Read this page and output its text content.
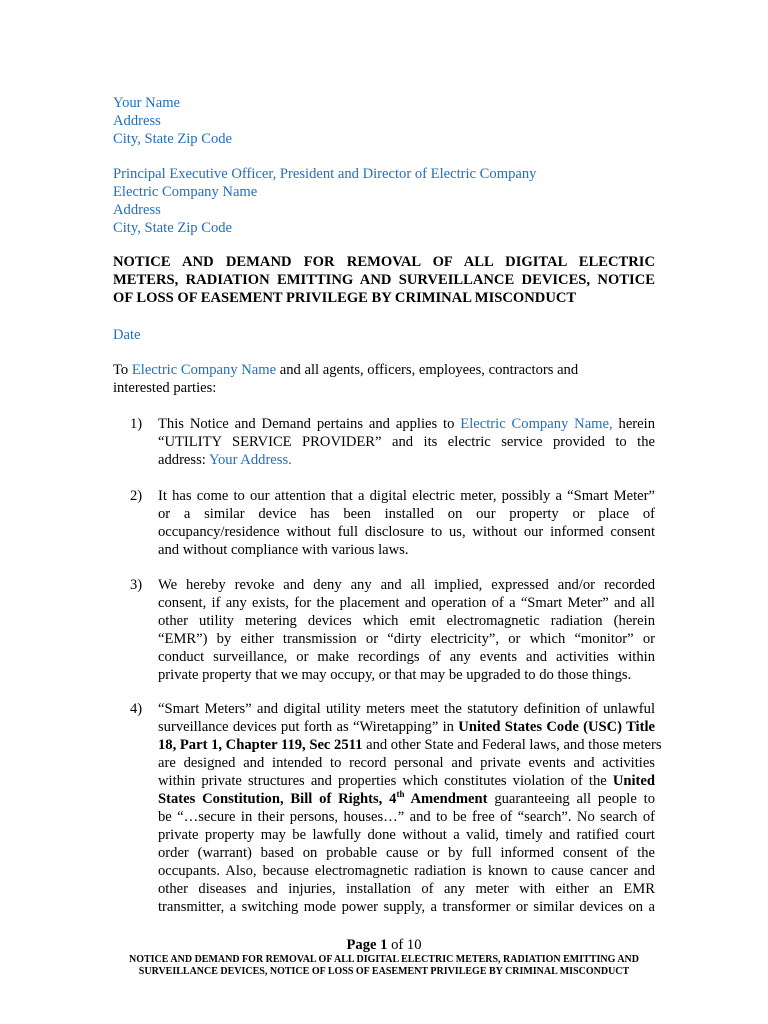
Your Name
Address
City, State Zip Code
Principal Executive Officer, President and Director of Electric Company
Electric Company Name
Address
City, State Zip Code
NOTICE AND DEMAND FOR REMOVAL OF ALL DIGITAL ELECTRIC
METERS, RADIATION EMITTING AND SURVEILLANCE DEVICES, NOTICE
OF LOSS OF EASEMENT PRIVILEGE BY CRIMINAL MISCONDUCT
Date
To Electric Company Name and all agents, officers, employees, contractors and
interested parties:
1)	This Notice and Demand pertains and applies to Electric Company Name, herein
“UTILITY SERVICE PROVIDER” and its electric service provided to the
address: Your Address.
2)	It has come to our attention that a digital electric meter, possibly a “Smart Meter”
or a similar device has been installed on our property or place of
occupancy/residence without full disclosure to us, without our informed consent
and without compliance with various laws.
3)	We hereby revoke and deny any and all implied, expressed and/or recorded
consent, if any exists, for the placement and operation of a “Smart Meter” and all
other utility metering devices which emit electromagnetic radiation (herein
“EMR”) by either transmission or “dirty electricity”, or which “monitor” or
conduct surveillance, or make recordings of any events and activities within
private property that we may occupy, or that may be upgraded to do those things.
4)	“Smart Meters” and digital utility meters meet the statutory definition of unlawful
surveillance devices put forth as “Wiretapping” in United States Code (USC) Title
18, Part 1, Chapter 119, Sec 2511 and other State and Federal laws, and those meters
are designed and intended to record personal and private events and activities
within private structures and properties which constitutes violation of the United
States Constitution, Bill of Rights, 4th Amendment guaranteeing all people to
be “…secure in their persons, houses…” and to be free of “search”. No search of
private property may be lawfully done without a valid, timely and ratified court
order (warrant) based on probable cause or by full informed consent of the
occupants. Also, because electromagnetic radiation is known to cause cancer and
other diseases and injuries, installation of any meter with either an EMR
transmitter, a switching mode power supply, a transformer or similar devices on a
Page 1 of 10
NOTICE AND DEMAND FOR REMOVAL OF ALL DIGITAL ELECTRIC METERS, RADIATION EMITTING AND
SURVEILLANCE DEVICES, NOTICE OF LOSS OF EASEMENT PRIVILEGE BY CRIMINAL MISCONDUCT
